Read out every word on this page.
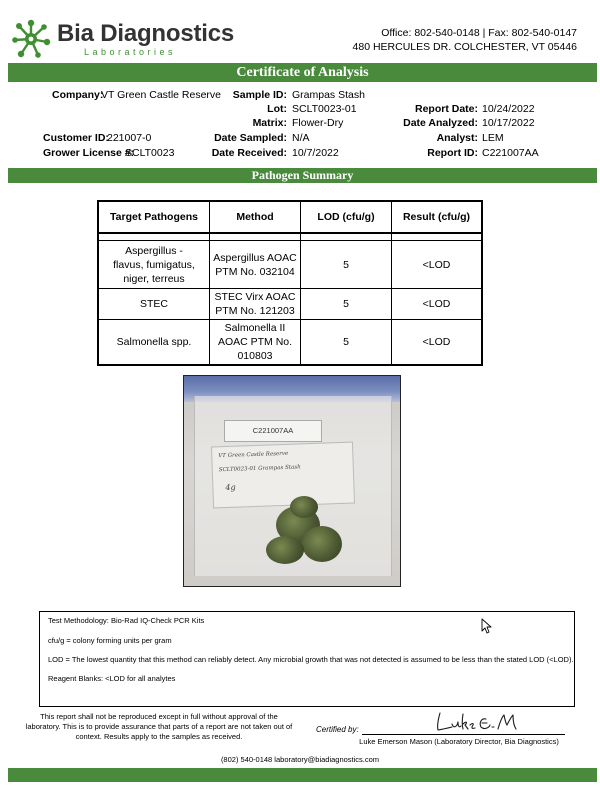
Bia Diagnostics
Laboratories
Office: 802-540-0148 | Fax: 802-540-0147
480 HERCULES DR. COLCHESTER, VT 05446
Certificate of Analysis
Company:
VT Green Castle Reserve Sample ID: Grampas Stash
Lot: SCLT0023-01
Matrix: Flower-Dry
Date Sampled: N/A
Date Received: 10/7/2022
Customer ID:
221007-0
Grower License #:
SCLT0023
Report Date: 10/24/2022
Date Analyzed: 10/17/2022
Analyst: LEM
Report ID: C221007AA
Pathogen Summary
Target Pathogens	Method	LOD (cfu/g)	Result (cfu/g)

Aspergillus -
flavus, fumigatus,
niger, terreus	Aspergillus AOAC
PTM No. 032104	5	<LOD
STEC	STEC Virx AOAC
PTM No. 121203	5	<LOD
Salmonella spp.	Salmonella II
AOAC PTM No.
010803	5	<LOD
C221007AA
VT Green Castle Reserve
SCLT0023-01 Grampas Stash
4g
Test Methodology: Bio-Rad IQ-Check PCR Kits
cfu/g = colony forming units per gram
LOD = The lowest quantity that this method can reliably detect. Any microbial growth that was not detected is assumed to be less than the stated LOD (<LOD).
Reagent Blanks: <LOD for all analytes
This report shall not be reproduced except in full without approval of the laboratory. This is to provide assurance that parts of a report are not taken out of context. Results apply to the samples as received.
Certified by:
Luke Emerson Mason (Laboratory Director, Bia Diagnostics)
(802) 540-0148 laboratory@biadiagnostics.com
